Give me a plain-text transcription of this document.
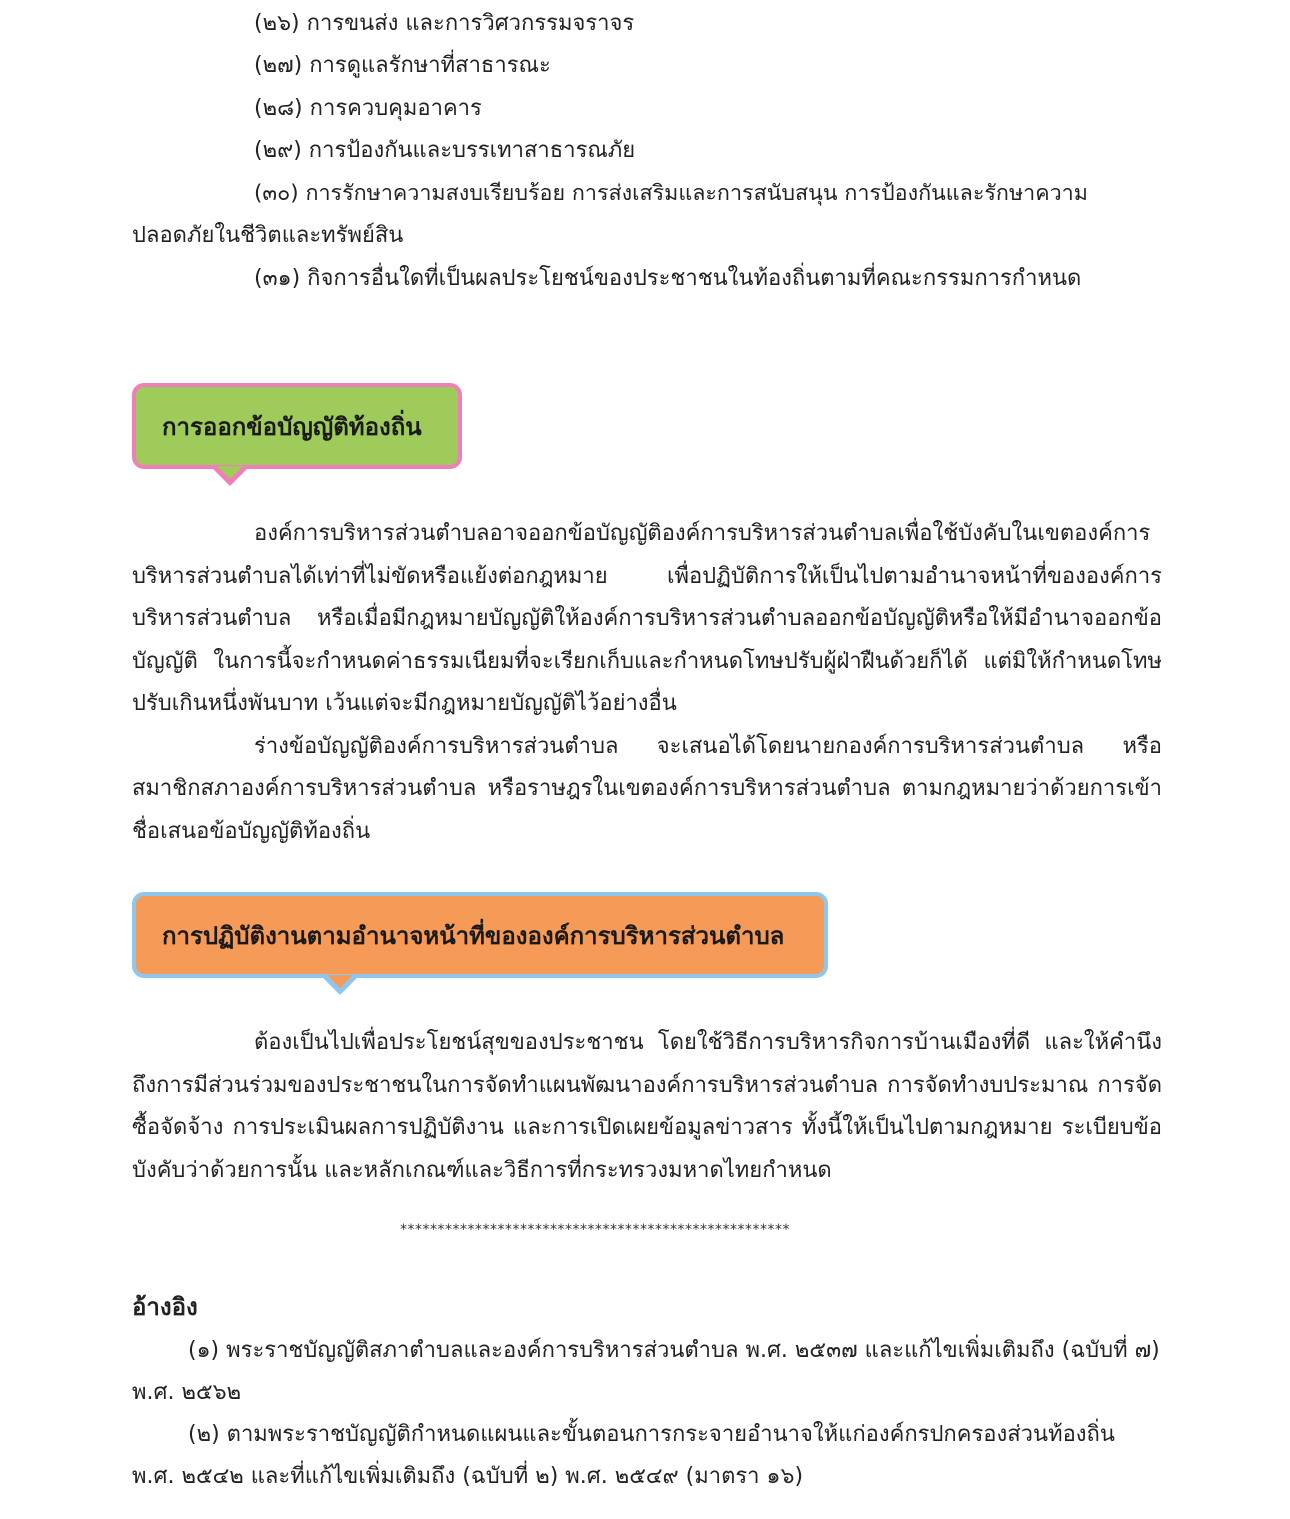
(๒๖) การขนส่ง และการวิศวกรรมจราจร
(๒๗) การดูแลรักษาที่สาธารณะ
(๒๘) การควบคุมอาคาร
(๒๙) การป้องกันและบรรเทาสาธารณภัย
(๓๐) การรักษาความสงบเรียบร้อย การส่งเสริมและการสนับสนุน การป้องกันและรักษาความ
ปลอดภัยในชีวิตและทรัพย์สิน
(๓๑) กิจการอื่นใดที่เป็นผลประโยชน์ของประชาชนในท้องถิ่นตามที่คณะกรรมการกำหนด
การออกข้อบัญญัติท้องถิ่น

องค์การบริหารส่วนตำบลอาจออกข้อบัญญัติองค์การบริหารส่วนตำบลเพื่อใช้บังคับในเขตองค์การบริหารส่วนตำบลได้เท่าที่ไม่ขัดหรือแย้งต่อกฎหมาย เพื่อปฏิบัติการให้เป็นไปตามอำนาจหน้าที่ขององค์การบริหารส่วนตำบล หรือเมื่อมีกฎหมายบัญญัติให้องค์การบริหารส่วนตำบลออกข้อบัญญัติหรือให้มีอำนาจออกข้อบัญญัติ ในการนี้จะกำหนดค่าธรรมเนียมที่จะเรียกเก็บและกำหนดโทษปรับผู้ฝ่าฝืนด้วยก็ได้ แต่มิให้กำหนดโทษปรับเกินหนึ่งพันบาท เว้นแต่จะมีกฎหมายบัญญัติไว้อย่างอื่น

ร่างข้อบัญญัติองค์การบริหารส่วนตำบล จะเสนอได้โดยนายกองค์การบริหารส่วนตำบล หรือสมาชิกสภาองค์การบริหารส่วนตำบล หรือราษฎรในเขตองค์การบริหารส่วนตำบล ตามกฎหมายว่าด้วยการเข้าชื่อเสนอข้อบัญญัติท้องถิ่น

การปฏิบัติงานตามอำนาจหน้าที่ขององค์การบริหารส่วนตำบล

ต้องเป็นไปเพื่อประโยชน์สุขของประชาชน โดยใช้วิธีการบริหารกิจการบ้านเมืองที่ดี และให้คำนึงถึงการมีส่วนร่วมของประชาชนในการจัดทำแผนพัฒนาองค์การบริหารส่วนตำบล การจัดทำงบประมาณ การจัดซื้อจัดจ้าง การประเมินผลการปฏิบัติงาน และการเปิดเผยข้อมูลข่าวสาร ทั้งนี้ให้เป็นไปตามกฎหมาย ระเบียบข้อบังคับว่าด้วยการนั้น และหลักเกณฑ์และวิธีการที่กระทรวงมหาดไทยกำหนด

****************************************************
อ้างอิง
(๑) พระราชบัญญัติสภาตำบลและองค์การบริหารส่วนตำบล พ.ศ. ๒๕๓๗ และแก้ไขเพิ่มเติมถึง (ฉบับที่ ๗)
พ.ศ. ๒๕๖๒
(๒) ตามพระราชบัญญัติกำหนดแผนและขั้นตอนการกระจายอำนาจให้แก่องค์กรปกครองส่วนท้องถิ่น
พ.ศ. ๒๕๔๒ และที่แก้ไขเพิ่มเติมถึง (ฉบับที่ ๒) พ.ศ. ๒๕๔๙ (มาตรา ๑๖)
